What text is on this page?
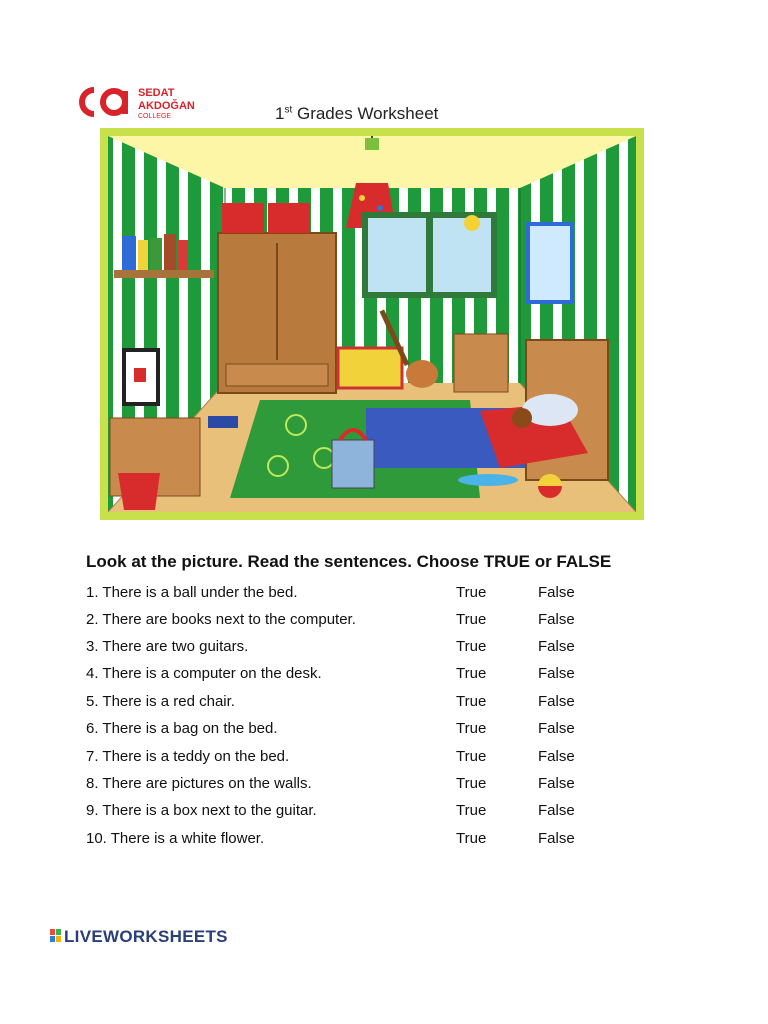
SEDAT
AKDOĞAN
COLLEGE	1st Grades Worksheet
Look at the picture. Read the sentences. Choose TRUE or FALSE
1. There is a ball under the bed.	True	False
2. There are books next to the computer.	True	False
3. There are two guitars.	True	False
4. There is a computer on the desk.	True	False
5. There is a red chair.	True	False
6. There is a bag on the bed.	True	False
7. There is a teddy on the bed.	True	False
8. There are pictures on the walls.	True	False
9. There is a box next to the guitar.	True	False
10. There is a white flower.	True	False
LIVEWORKSHEETS
